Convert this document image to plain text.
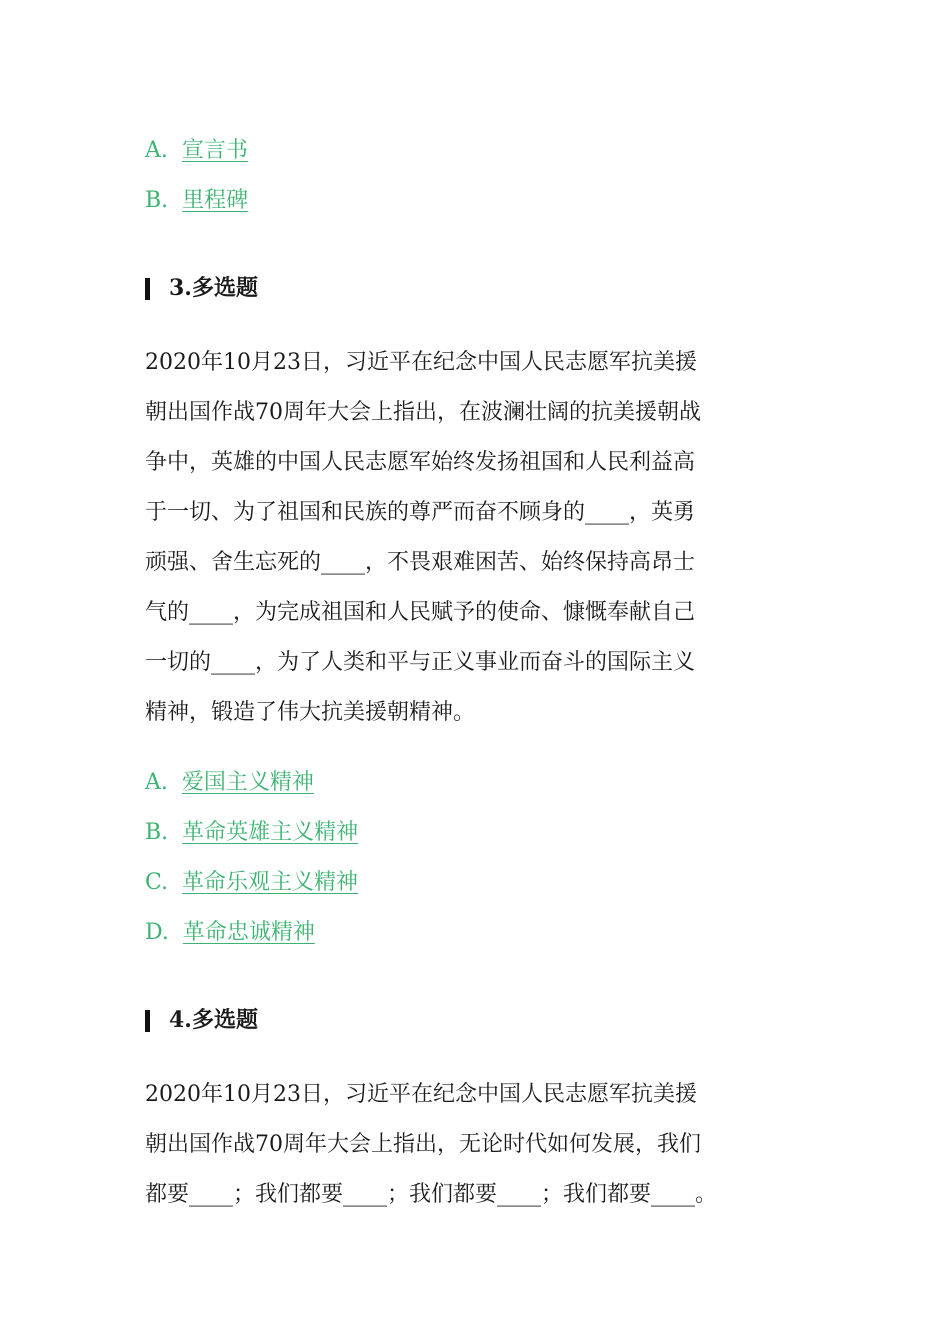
A. 宣言书
B. 里程碑
3.多选题

2020年10月23日，习近平在纪念中国人民志愿军抗美援
朝出国作战70周年大会上指出，在波澜壮阔的抗美援朝战
争中，英雄的中国人民志愿军始终发扬祖国和人民利益高
于一切、为了祖国和民族的尊严而奋不顾身的____，英勇
顽强、舍生忘死的____，不畏艰难困苦、始终保持高昂士
气的____，为完成祖国和人民赋予的使命、慷慨奉献自己
一切的____，为了人类和平与正义事业而奋斗的国际主义
精神，锻造了伟大抗美援朝精神。

A. 爱国主义精神
B. 革命英雄主义精神
C. 革命乐观主义精神
D. 革命忠诚精神
4.多选题

2020年10月23日，习近平在纪念中国人民志愿军抗美援
朝出国作战70周年大会上指出，无论时代如何发展，我们
都要____；我们都要____；我们都要____；我们都要____。
